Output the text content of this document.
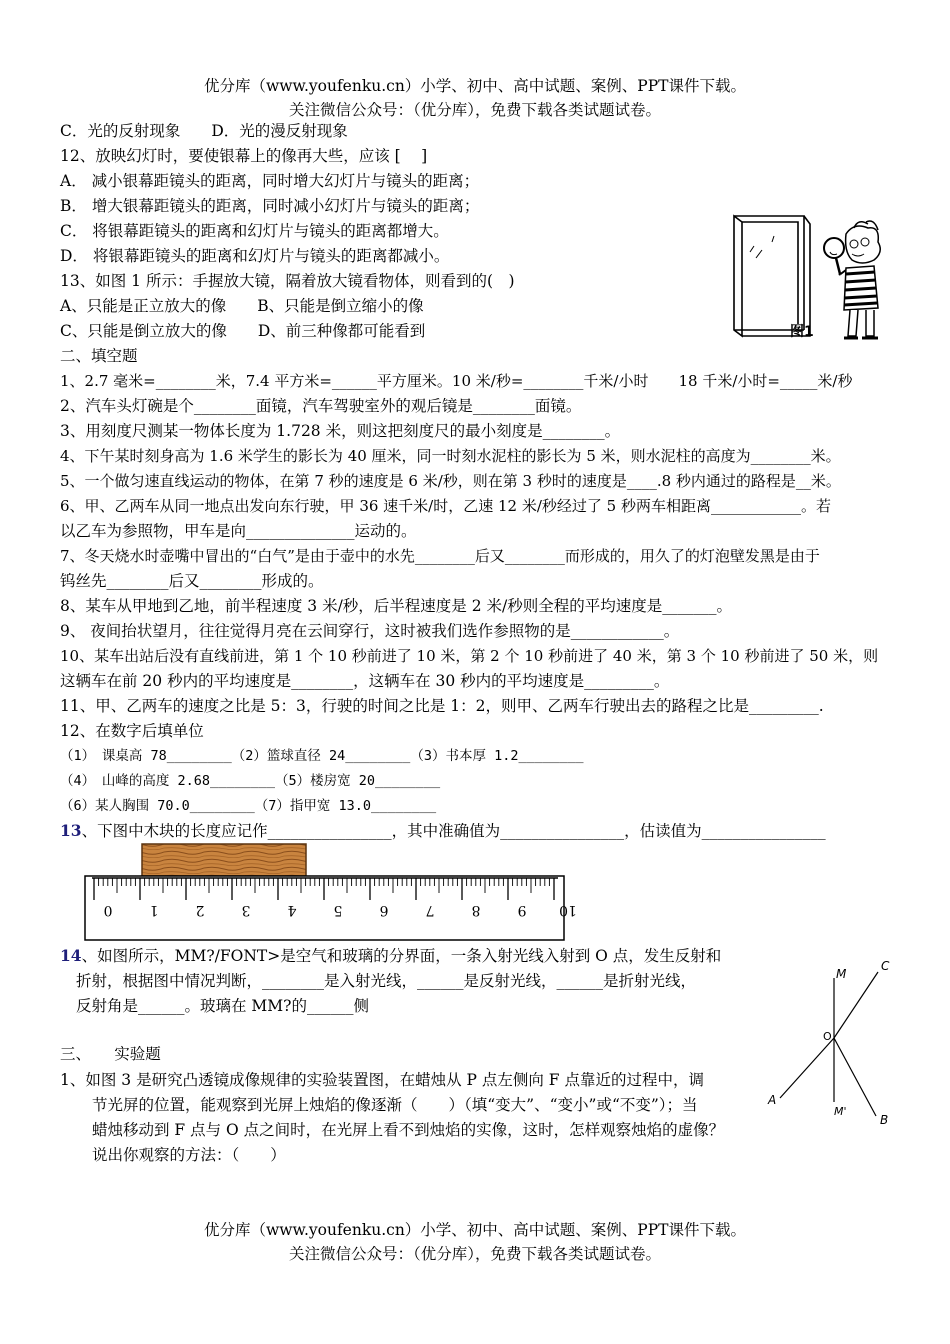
优分库（www.youfenku.cn）小学、初中、高中试题、案例、PPT课件下载。
关注微信公众号：（优分库），免费下载各类试题试卷。
C．光的反射现象　　D．光的漫反射现象
12、放映幻灯时，要使银幕上的像再大些，应该 [　 ]
A． 减小银幕距镜头的距离，同时增大幻灯片与镜头的距离；
B． 增大银幕距镜头的距离，同时减小幻灯片与镜头的距离；
C． 将银幕距镜头的距离和幻灯片与镜头的距离都增大。
D． 将银幕距镜头的距离和幻灯片与镜头的距离都减小。
13、如图 1 所示：手握放大镜，隔着放大镜看物体，则看到的(　)
A、只能是正立放大的像　　B、只能是倒立缩小的像
C、只能是倒立放大的像　　D、前三种像都可能看到	图1
二、填空题
1、2.7 毫米=________米，7.4 平方米=______平方厘米。10 米/秒=________千米/小时　　18 千米/小时=_____米/秒
2、汽车头灯碗是个________面镜，汽车驾驶室外的观后镜是________面镜。
3、用刻度尺测某一物体长度为 1.728 米，则这把刻度尺的最小刻度是________。
4、下午某时刻身高为 1.6 米学生的影长为 40 厘米，同一时刻水泥柱的影长为 5 米，则水泥柱的高度为________米。
5、一个做匀速直线运动的物体，在第 7 秒的速度是 6 米/秒，则在第 3 秒时的速度是____.8 秒内通过的路程是__米。
6、甲、乙两车从同一地点出发向东行驶，甲 36 速千米/时，乙速 12 米/秒经过了 5 秒两车相距离____________。若
以乙车为参照物，甲车是向______________运动的。
7、冬天烧水时壶嘴中冒出的“白气”是由于壶中的水先________后又________而形成的，用久了的灯泡壁发黑是由于
钨丝先________后又________形成的。
8、某车从甲地到乙地，前半程速度 3 米/秒，后半程速度是 2 米/秒则全程的平均速度是_______。
9、 夜间抬状望月，往往觉得月亮在云间穿行，这时被我们选作参照物的是____________。
10、某车出站后没有直线前进，第 1 个 10 秒前进了 10 米，第 2 个 10 秒前进了 40 米，第 3 个 10 秒前进了 50 米，则
这辆车在前 20 秒内的平均速度是________，这辆车在 30 秒内的平均速度是_________。
11、甲、乙两车的速度之比是 5：3，行驶的时间之比是 1：2，则甲、乙两车行驶出去的路程之比是_________.
12、在数字后填单位
（1）　课桌高 78________（2）篮球直径 24________（3）书本厚 1.2________
（4）　山峰的高度 2.68________（5）楼房宽 20________
（6）某人胸围 70.0________（7）指甲宽 13.0________
13、下图中木块的长度应记作________________，其中准确值为________________，估读值为________________
0	1	2	3	4	5	6	7	8	9 10
14、如图所示，MM?/FONT>是空气和玻璃的分界面，一条入射光线入射到 O 点，发生反射和
折射，根据图中情况判断，________是入射光线，______是反射光线，______是折射光线，
反射角是______。玻璃在 MM?的______侧
M
C
O
A
M'
B
三、　　实验题
1、如图 3 是研究凸透镜成像规律的实验装置图，在蜡烛从 P 点左侧向 F 点靠近的过程中，调
节光屏的位置，能观察到光屏上烛焰的像逐渐（　　）（填“变大”、“变小”或“不变”）；当
蜡烛移动到 F 点与 O 点之间时，在光屏上看不到烛焰的实像，这时，怎样观察烛焰的虚像？
说出你观察的方法：（　　）
优分库（www.youfenku.cn）小学、初中、高中试题、案例、PPT课件下载。
关注微信公众号：（优分库），免费下载各类试题试卷。
